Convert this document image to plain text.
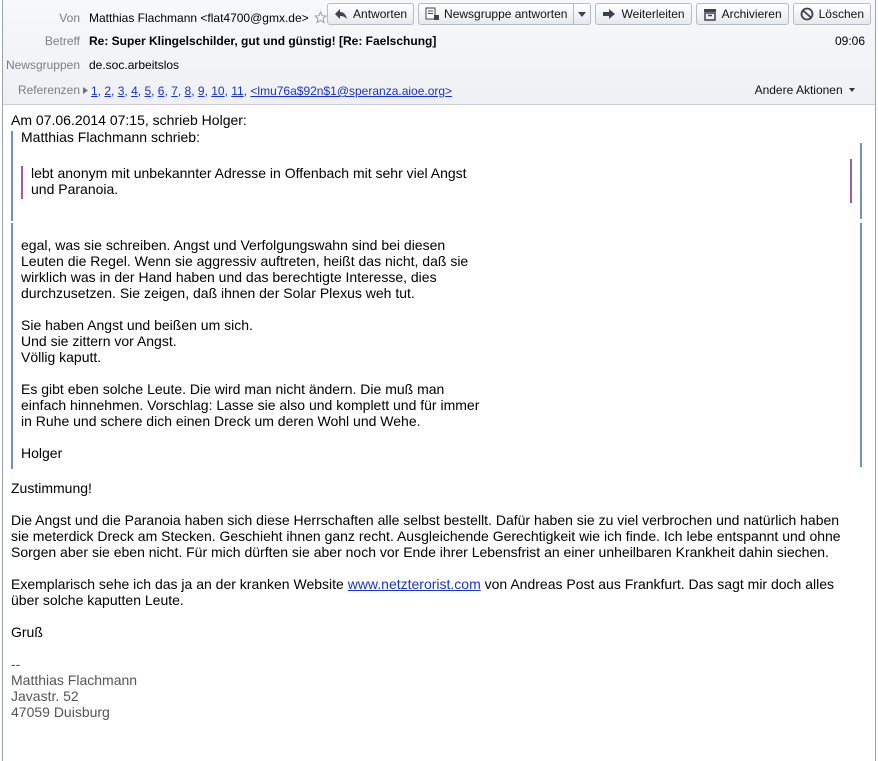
Von Matthias Flachmann <flat4700@gmx.de>	Antworten	Newsgruppe antworten	Weiterleiten	Archivieren	Löschen
Betreff Re: Super Klingelschilder, gut und günstig! [Re: Faelschung]	09:06
Newsgruppen de.soc.arbeitslos
Referenzen 1, 2, 3, 4, 5, 6, 7, 8, 9, 10, 11, <lmu76a$92n$1@speranza.aioe.org>	Andere Aktionen

Am 07.06.2014 07:15, schrieb Holger:

Matthias Flachmann schrieb:

lebt anonym mit unbekannter Adresse in Offenbach mit sehr viel Angst

und Paranoia.

egal, was sie schreiben. Angst und Verfolgungswahn sind bei diesen

Leuten die Regel. Wenn sie aggressiv auftreten, heißt das nicht, daß sie

wirklich was in der Hand haben und das berechtigte Interesse, dies

durchzusetzen. Sie zeigen, daß ihnen der Solar Plexus weh tut.

Sie haben Angst und beißen um sich.

Und sie zittern vor Angst.

Völlig kaputt.

Es gibt eben solche Leute. Die wird man nicht ändern. Die muß man

einfach hinnehmen. Vorschlag: Lasse sie also und komplett und für immer

in Ruhe und schere dich einen Dreck um deren Wohl und Wehe.

Holger

Zustimmung!

Die Angst und die Paranoia haben sich diese Herrschaften alle selbst bestellt. Dafür haben sie zu viel verbrochen und natürlich haben

sie meterdick Dreck am Stecken. Geschieht ihnen ganz recht. Ausgleichende Gerechtigkeit wie ich finde. Ich lebe entspannt und ohne

Sorgen aber sie eben nicht. Für mich dürften sie aber noch vor Ende ihrer Lebensfrist an einer unheilbaren Krankheit dahin siechen.

Exemplarisch sehe ich das ja an der kranken Website www.netzterorist.com von Andreas Post aus Frankfurt. Das sagt mir doch alles

über solche kaputten Leute.

Gruß

--

Matthias Flachmann

Javastr. 52

47059 Duisburg
